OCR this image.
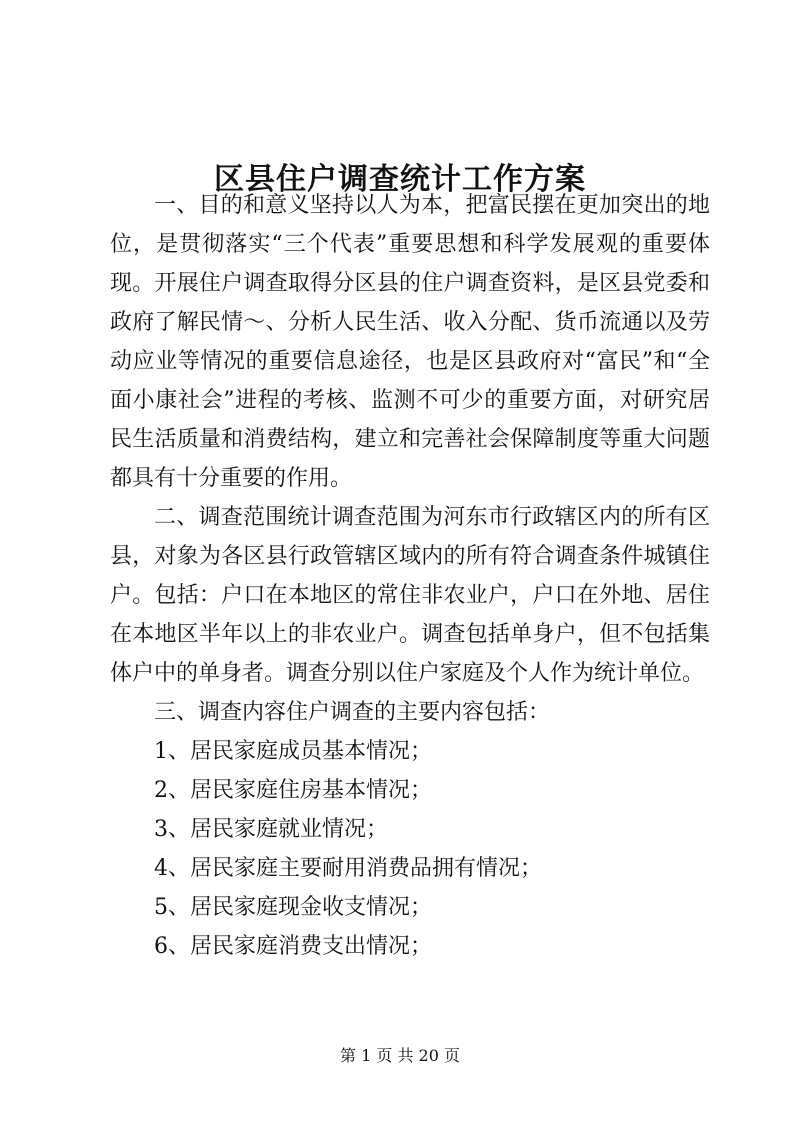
区县住户调查统计工作方案

一、目的和意义坚持以人为本，把富民摆在更加突出的地位，是贯彻落实“三个代表”重要思想和科学发展观的重要体现。开展住户调查取得分区县的住户调查资料，是区县党委和政府了解民情～、分析人民生活、收入分配、货币流通以及劳动应业等情况的重要信息途径，也是区县政府对“富民”和“全面小康社会”进程的考核、监测不可少的重要方面，对研究居民生活质量和消费结构，建立和完善社会保障制度等重大问题都具有十分重要的作用。

二、调查范围统计调查范围为河东市行政辖区内的所有区县，对象为各区县行政管辖区域内的所有符合调查条件城镇住户。包括：户口在本地区的常住非农业户，户口在外地、居住在本地区半年以上的非农业户。调查包括单身户，但不包括集体户中的单身者。调查分别以住户家庭及个人作为统计单位。

三、调查内容住户调查的主要内容包括：

1、居民家庭成员基本情况；

2、居民家庭住房基本情况；

3、居民家庭就业情况；

4、居民家庭主要耐用消费品拥有情况；

5、居民家庭现金收支情况；

6、居民家庭消费支出情况；

第 1 页 共 20 页
